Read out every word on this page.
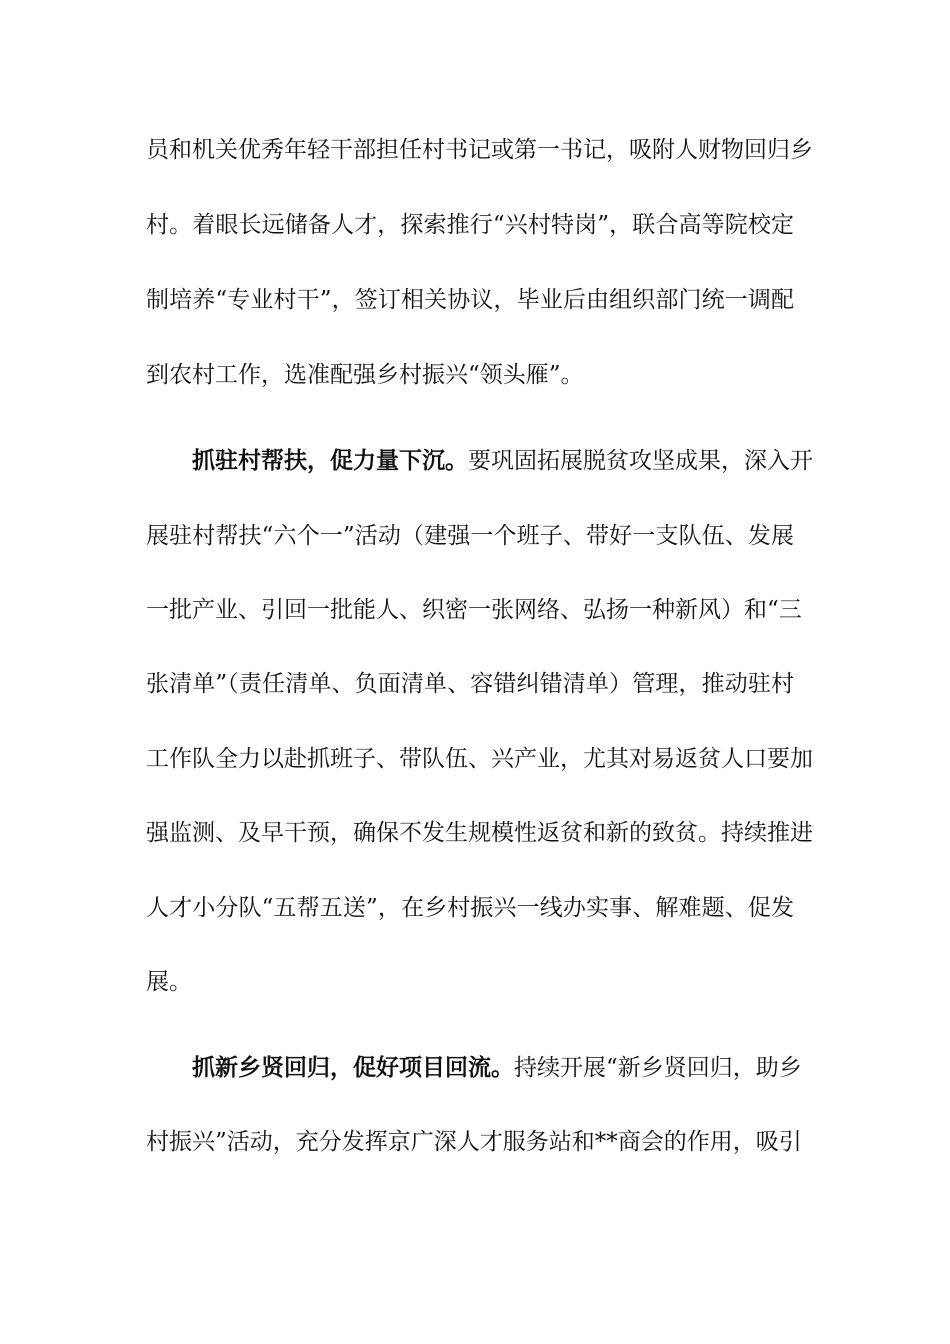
员和机关优秀年轻干部担任村书记或第一书记，吸附人财物回归乡
村。着眼长远储备人才，探索推行“兴村特岗”，联合高等院校定
制培养“专业村干”，签订相关协议，毕业后由组织部门统一调配
到农村工作，选准配强乡村振兴“领头雁”。
抓驻村帮扶，促力量下沉。要巩固拓展脱贫攻坚成果，深入开
展驻村帮扶“六个一”活动（建强一个班子、带好一支队伍、发展
一批产业、引回一批能人、织密一张网络、弘扬一种新风）和“三
张清单”（责任清单、负面清单、容错纠错清单）管理，推动驻村
工作队全力以赴抓班子、带队伍、兴产业，尤其对易返贫人口要加
强监测、及早干预，确保不发生规模性返贫和新的致贫。持续推进
人才小分队“五帮五送”，在乡村振兴一线办实事、解难题、促发
展。
抓新乡贤回归，促好项目回流。持续开展“新乡贤回归，助乡
村振兴”活动，充分发挥京广深人才服务站和**商会的作用，吸引
